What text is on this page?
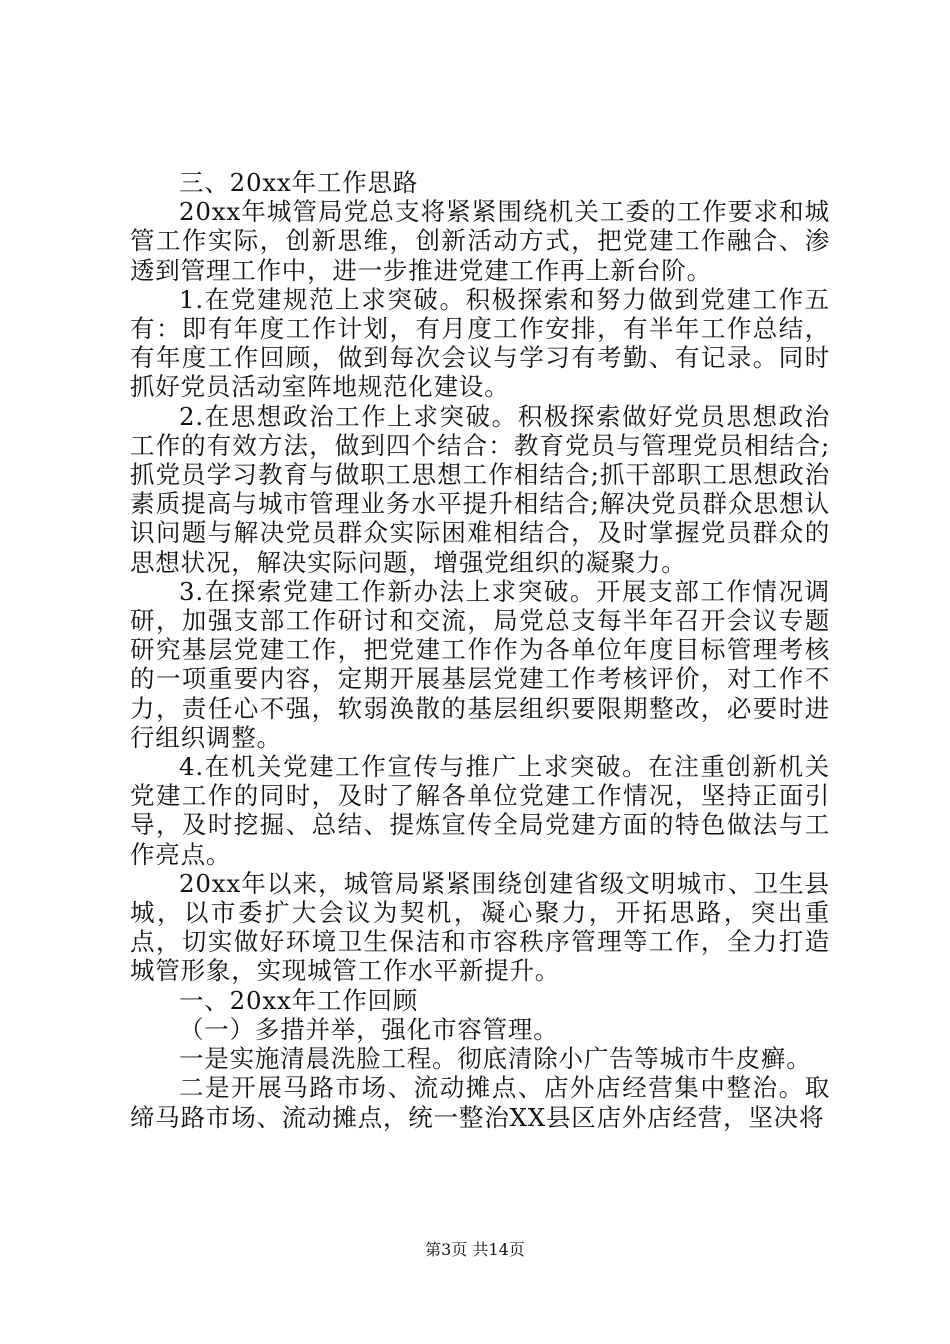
三、20xx年工作思路

20xx年城管局党总支将紧紧围绕机关工委的工作要求和城管工作实际，创新思维，创新活动方式，把党建工作融合、渗透到管理工作中，进一步推进党建工作再上新台阶。

1.在党建规范上求突破。积极探索和努力做到党建工作五有：即有年度工作计划，有月度工作安排，有半年工作总结，有年度工作回顾，做到每次会议与学习有考勤、有记录。同时抓好党员活动室阵地规范化建设。

2.在思想政治工作上求突破。积极探索做好党员思想政治工作的有效方法，做到四个结合：教育党员与管理党员相结合;抓党员学习教育与做职工思想工作相结合;抓干部职工思想政治素质提高与城市管理业务水平提升相结合;解决党员群众思想认识问题与解决党员群众实际困难相结合，及时掌握党员群众的思想状况，解决实际问题，增强党组织的凝聚力。

3.在探索党建工作新办法上求突破。开展支部工作情况调研，加强支部工作研讨和交流，局党总支每半年召开会议专题研究基层党建工作，把党建工作作为各单位年度目标管理考核的一项重要内容，定期开展基层党建工作考核评价，对工作不力，责任心不强，软弱涣散的基层组织要限期整改，必要时进行组织调整。

4.在机关党建工作宣传与推广上求突破。在注重创新机关党建工作的同时，及时了解各单位党建工作情况，坚持正面引导，及时挖掘、总结、提炼宣传全局党建方面的特色做法与工作亮点。

20xx年以来，城管局紧紧围绕创建省级文明城市、卫生县城，以市委扩大会议为契机，凝心聚力，开拓思路，突出重点，切实做好环境卫生保洁和市容秩序管理等工作，全力打造城管形象，实现城管工作水平新提升。

一、20xx年工作回顾

（一）多措并举，强化市容管理。

一是实施清晨洗脸工程。彻底清除小广告等城市牛皮癣。

二是开展马路市场、流动摊点、店外店经营集中整治。取缔马路市场、流动摊点，统一整治XX县区店外店经营，坚决将

第3页 共14页
